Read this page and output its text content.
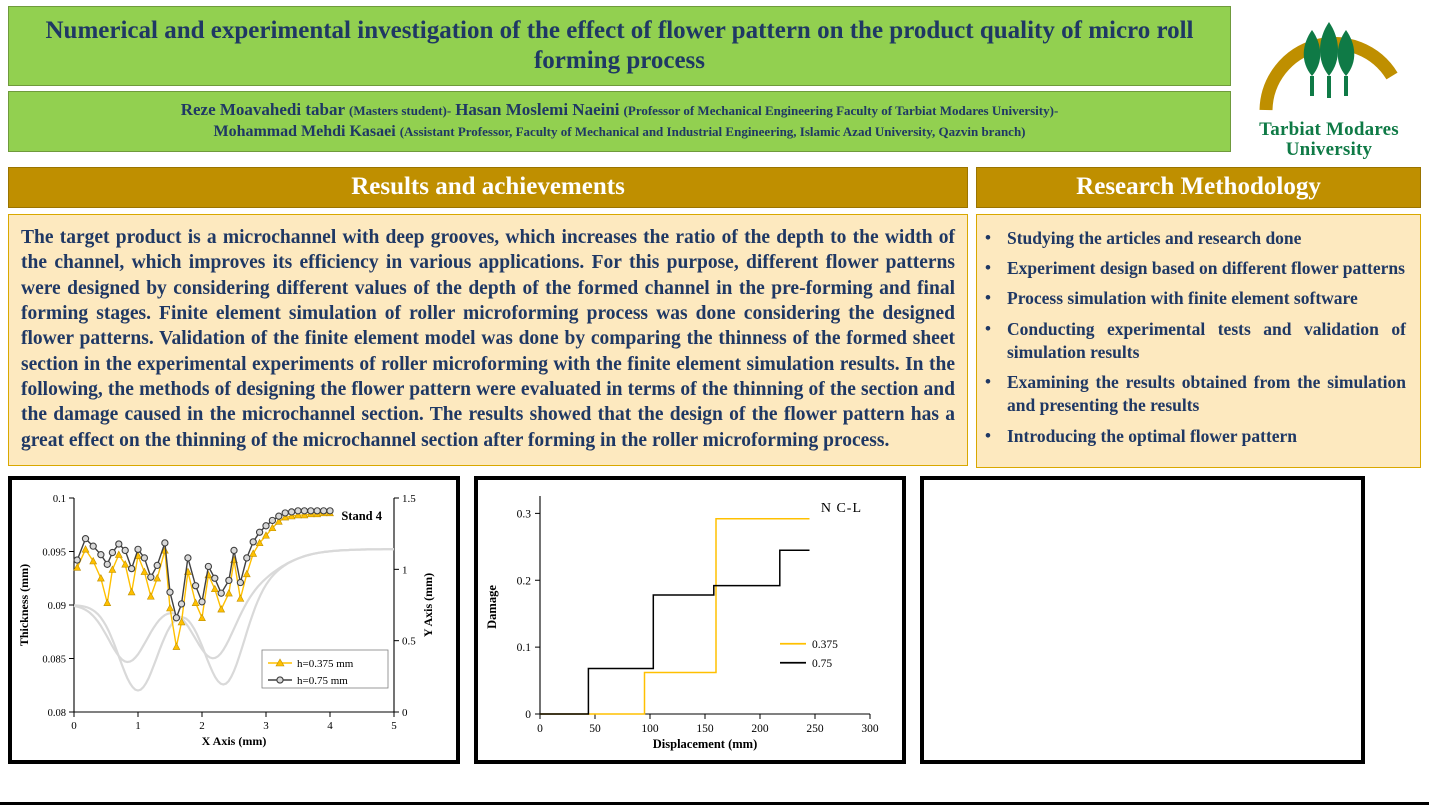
Numerical and experimental investigation of the effect of flower pattern on the product quality of micro roll forming process
Reze Moavahedi tabar (Masters student)- Hasan Moslemi Naeini (Professor of Mechanical Engineering Faculty of Tarbiat Modares University)-
Mohammad Mehdi Kasaei (Assistant Professor, Faculty of Mechanical and Industrial Engineering, Islamic Azad University, Qazvin branch)	Tarbiat Modares
University
Results and achievements
The target product is a microchannel with deep grooves, which increases the ratio of the depth to the width of the channel, which improves its efficiency in various applications. For this purpose, different flower patterns were designed by considering different values of the depth of the formed channel in the pre-forming and final forming stages. Finite element simulation of roller microforming process was done considering the designed flower patterns. Validation of the finite element model was done by comparing the thinness of the formed sheet section in the experimental experiments of roller microforming with the finite element simulation results. In the following, the methods of designing the flower pattern were evaluated in terms of the thinning of the section and the damage caused in the microchannel section. The results showed that the design of the flower pattern has a great effect on the thinning of the microchannel section after forming in the roller microforming process.
Research Methodology
• Studying the articles and research done
• Experiment design based on different flower patterns
• Process simulation with finite element software
• Conducting experimental tests and validation of simulation results
• Examining the results obtained from the simulation and presenting the results
• Introducing the optimal flower pattern
0	1	2	3	4	5
0.08
0.085
0.09
0.095
0.1
0
0.5
1
1.5
X Axis (mm)
Thickness (mm)	Y Axis (mm)
Stand 4
h=0.375 mm
h=0.75 mm
0	50	100	150	200	250	300
0
0.1
0.2
0.3
Displacement (mm)
Damage
N C-L
0.375
0.75
